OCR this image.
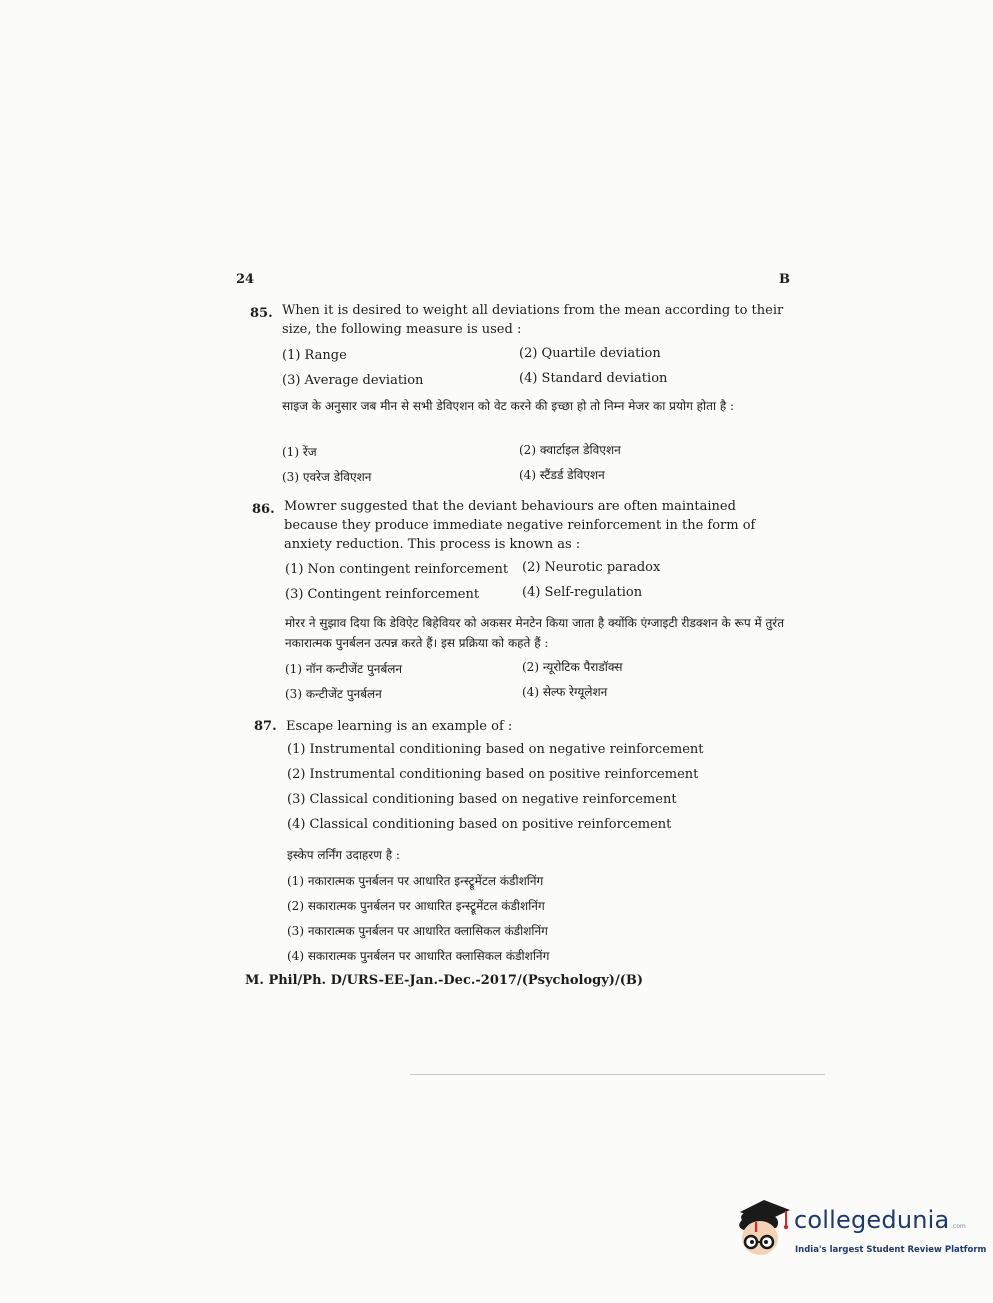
24	B
85. When it is desired to weight all deviations from the mean according to their size, the following measure is used :
(1) Range	(2) Quartile deviation
(3) Average deviation	(4) Standard deviation
साइज के अनुसार जब मीन से सभी डेविएशन को वेट करने की इच्छा हो तो निम्न मेजर का प्रयोग होता है :
(1) रेंज	(2) क्वार्टाइल डेविएशन
(3) एवरेज डेविएशन	(4) स्टैंडर्ड डेविएशन
86. Mowrer suggested that the deviant behaviours are often maintained because they produce immediate negative reinforcement in the form of anxiety reduction. This process is known as :
(1) Non contingent reinforcement (2) Neurotic paradox
(3) Contingent reinforcement	(4) Self-regulation
मोरर ने सुझाव दिया कि डेविऐट बिहेवियर को अकसर मेनटेन किया जाता है क्योंकि एंग्जाइटी रीडक्शन के रूप में तुरंत नकारात्मक पुनर्बलन उत्पन्न करते हैं। इस प्रक्रिया को कहते हैं :
(1) नॉन कन्टीजेंट पुनर्बलन	(2) न्यूरोटिक पैराडॉक्स
(3) कन्टीजेंट पुनर्बलन	(4) सेल्फ रेग्यूलेशन
87. Escape learning is an example of :
(1) Instrumental conditioning based on negative reinforcement
(2) Instrumental conditioning based on positive reinforcement
(3) Classical conditioning based on negative reinforcement
(4) Classical conditioning based on positive reinforcement
इस्केप लर्निंग उदाहरण है :
(1) नकारात्मक पुनर्बलन पर आधारित इन्स्ट्रूमेंटल कंडीशनिंग
(2) सकारात्मक पुनर्बलन पर आधारित इन्स्ट्रूमेंटल कंडीशनिंग
(3) नकारात्मक पुनर्बलन पर आधारित क्लासिकल कंडीशनिंग
(4) सकारात्मक पुनर्बलन पर आधारित क्लासिकल कंडीशनिंग
M. Phil/Ph. D/URS-EE-Jan.-Dec.-2017/(Psychology)/(B)
collegedunia .com
India's largest Student Review Platform
